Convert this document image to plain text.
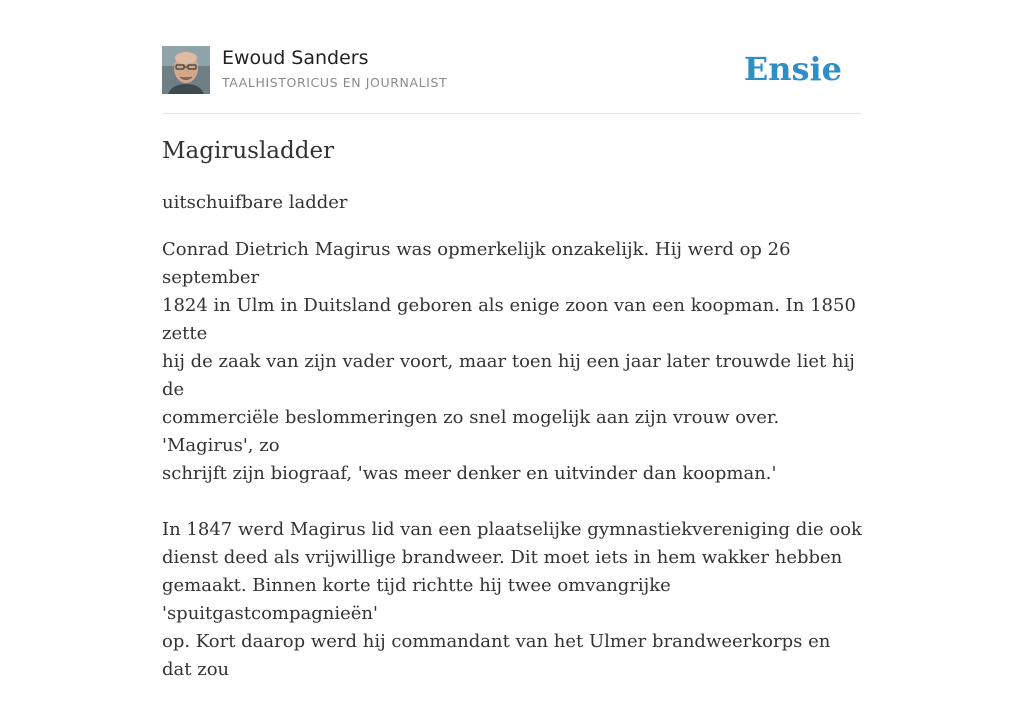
Ewoud Sanders
TAALHISTORICUS EN JOURNALIST	Ensie
Magirusladder
uitschuifbare ladder

Conrad Dietrich Magirus was opmerkelijk onzakelijk. Hij werd op 26 september
1824 in Ulm in Duitsland geboren als enige zoon van een koopman. In 1850 zette
hij de zaak van zijn vader voort, maar toen hij een jaar later trouwde liet hij de
commerciële beslommeringen zo snel mogelijk aan zijn vrouw over. 'Magirus', zo
schrijft zijn biograaf, 'was meer denker en uitvinder dan koopman.'

In 1847 werd Magirus lid van een plaatselijke gymnastiekvereniging die ook
dienst deed als vrijwillige brandweer. Dit moet iets in hem wakker hebben
gemaakt. Binnen korte tijd richtte hij twee omvangrijke 'spuitgastcompagnieën'
op. Kort daarop werd hij commandant van het Ulmer brandweerkorps en dat zou
